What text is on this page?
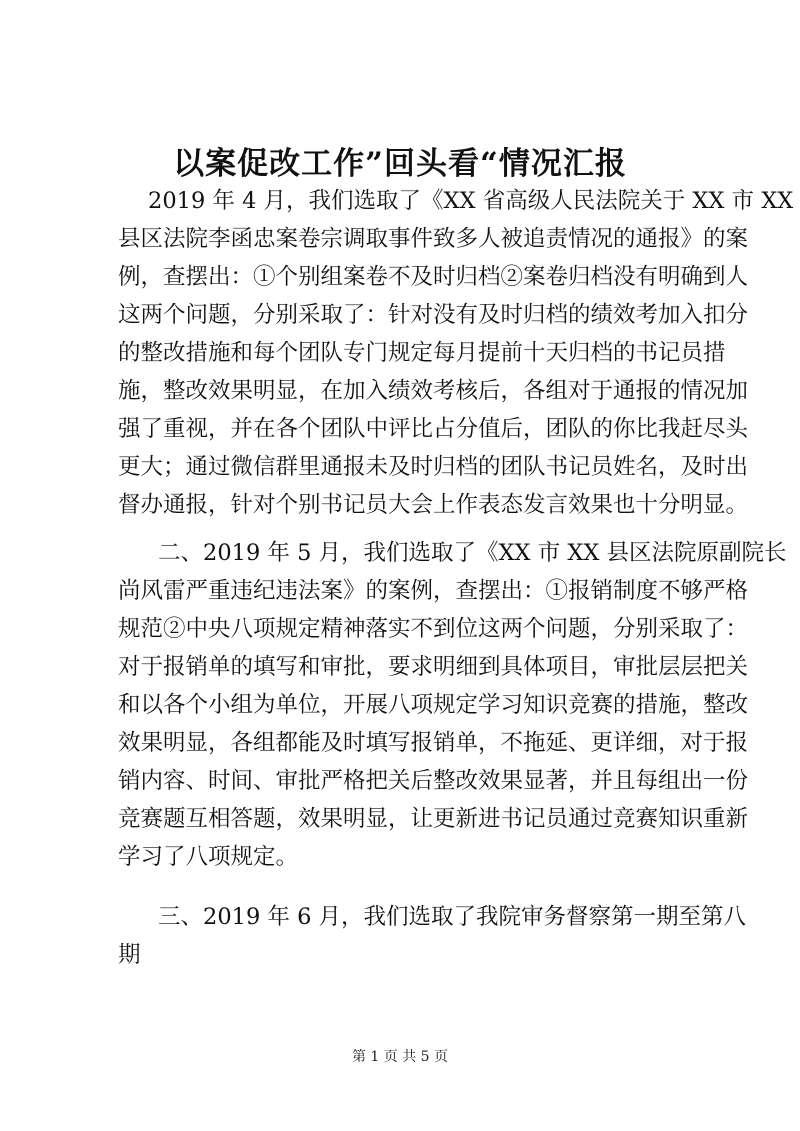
以案促改工作”回头看“情况汇报
2019 年 4 月，我们选取了《XX 省高级人民法院关于 XX 市 XX
县区法院李函忠案卷宗调取事件致多人被追责情况的通报》的案
例，查摆出：①个别组案卷不及时归档②案卷归档没有明确到人
这两个问题，分别采取了：针对没有及时归档的绩效考加入扣分
的整改措施和每个团队专门规定每月提前十天归档的书记员措
施，整改效果明显，在加入绩效考核后，各组对于通报的情况加
强了重视，并在各个团队中评比占分值后，团队的你比我赶尽头
更大；通过微信群里通报未及时归档的团队书记员姓名，及时出
督办通报，针对个别书记员大会上作表态发言效果也十分明显。
二、2019 年 5 月，我们选取了《XX 市 XX 县区法院原副院长
尚风雷严重违纪违法案》的案例，查摆出：①报销制度不够严格
规范②中央八项规定精神落实不到位这两个问题，分别采取了：
对于报销单的填写和审批，要求明细到具体项目，审批层层把关
和以各个小组为单位，开展八项规定学习知识竞赛的措施，整改
效果明显，各组都能及时填写报销单，不拖延、更详细，对于报
销内容、时间、审批严格把关后整改效果显著，并且每组出一份
竞赛题互相答题，效果明显，让更新进书记员通过竞赛知识重新
学习了八项规定。
三、2019 年 6 月，我们选取了我院审务督察第一期至第八
期
第 1 页 共 5 页
